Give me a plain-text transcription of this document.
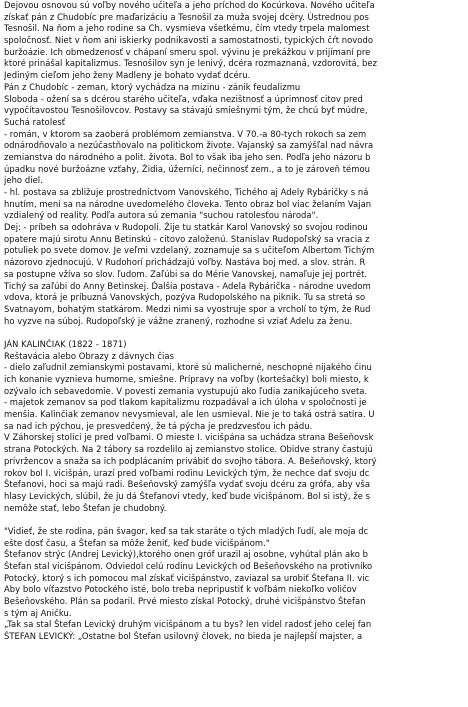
Dejovou osnovou sú voľby nového učiteľa a jeho príchod do Kocúrkova. Nového učiteľa
získať pán z Chudobíc pre maďarizáciu a Tesnošil za muža svojej dcéry. Ústrednou pos
Tesnošil. Na ňom a jeho rodine sa Ch. vysmieva všetkému, čím vtedy trpela malomest
spoločnosť. Niet v ňom ani iskierky podnikavosti a samostatnosti, typických čŕt novodo
buržoázie. Ich obmedzenosť v chápaní smeru spol. vývinu je prekážkou v prijímaní pre
ktoré prinášal kapitalizmus. Tesnošilov syn je lenivý, dcéra rozmaznaná, vzdorovitá, bez
Jediným cieľom jeho ženy Madleny je bohato vydať dcéru.
Pán z Chudobíc - zeman, ktorý vychádza na mizinu - zánik feudalizmu
Sloboda - ožení sa s dcérou starého učiteľa, vďaka nezištnosť a úprimnosť citov pred
vypočítavostou Tesnošilovcov. Postavy sa stávajú smiešnymi tým, že chcú byť múdre,
Suchá ratolesť
- román, v ktorom sa zaoberá problémom zemianstva. V 70.-a 80-tych rokoch sa zem
odnárodňovalo a nezúčastňovalo na politickom živote. Vajanský sa zamýšľal nad návra
zemianstva do národného a polit. života. Bol to však iba jeho sen. Podľa jeho názoru b
úpadku nové buržoázne vzťahy, Židia, úžerníci, nečinnosť zem., a to je zároveň témou
jeho diel.
- hl. postava sa zbližuje prostredníctvom Vanovského, Tichého aj Adely Rybáričky s ná
hnutím, mení sa na národne uvedomelého človeka. Tento obraz bol viac želaním Vajan
vzdialený od reality. Podľa autora sú zemania "suchou ratolesťou národa".
Dej: - príbeh sa odohráva v Rudopolí. Žije tu statkár Karol Vanovský so svojou rodinou
opatere majú sirotu Annu Betinskú - citovo založenú. Stanislav Rudopoľský sa vracia z
potuliek po svete domov. Je veľmi vzdelaný, zoznamuje sa s učiteľom Albertom Tichým
názorovo zjednocujú. V Rudohorí prichádzajú voľby. Nastáva boj med. a slov. strán. R
sa postupne vžíva so slov. ľudom. Zaľúbi sa do Mérie Vanovskej, namaľuje jej portrét.
Tichý sa zaľúbi do Anny Betinskej. Ďalšia postava - Adela Rybárička - národne uvedom
vdova, ktorá je príbuzná Vanovských, pozýva Rudopolského na piknik. Tu sa stretá so
Svatnayom, bohatým statkárom. Medzi nimi sa vyostruje spor a vrcholí to tým, že Rud
ho vyzve na súboj. Rudopoľský je vážne zranený, rozhodne si vziať Adelu za ženu.
JÁN KALINČIAK (1822 - 1871)
Reštaváciа alebo Obrazy z dávnych čias
- dielo zaľudnil zemianskymi postavami, ktoré sú malicherné, neschopné nijakého činu
ich konanie vyznieva humorne, smiešne. Prípravy na voľby (kortešačky) boli miesto, k
ozývalo ich sebavedomie. V povesti zemania vystupujú ako ľudia zanikajúceho sveta.
- majetok zemanov sa pod tlakom kapitalizmu rozpadával a ich úloha v spoločnosti je
menšia. Kalinčiak zemanov nevysmieval, ale len usmieval. Nie je to taká ostrá satira. U
sa nad ich pýchou, je presvedčený, že tá pýcha je predzvesťou ich pádu.
V Záhorskej stolici je pred voľbami. O mieste I. vicišpána sa uchádza strana Bešeňovsk
strana Potockých. Na 2 tábory sa rozdelilo aj zemianstvo stolice. Obidve strany častujú
prívržencov a snaža sa ich podplácaním privábiť do svojho tábora. A. Bešeňovský, ktorý
rokov bol I. vicišpán, urazí pred voľbami rodinu Levických tým, že nechce dať svoju dc
Štefanovi, hoci sa majú radi. Bešeňovský zamýšľa vydať svoju dcéru za grófa, aby vša
hlasy Levických, slúbil, že ju dá Štefanovi vtedy, keď bude vicišpánom. Bol si istý, že s
nemôže stať, lebo Štefan je chudobný.
"Vidieť, že ste rodina, pán švagor, keď sa tak staráte o tých mladých ľudí, ale moja dc
ešte dosť času, a Štefan sa môže ženiť, keď bude vicišpánom."
Štefanov strýc (Andrej Levický),ktorého onen gróf urazil aj osobne, vyhútal plán ako b
Štefan stal vicišpánom. Odviedol celú rodinu Levických od Bešeňovského na protivníko
Potocký, ktorý s ich pomocou mal získať vicišpánstvo, zaviazal sa urobiť Štefana II. vic
Aby bolo víťazstvo Potockého isté, bolo treba nepripustiť k voľbám niekoľko voličov
Bešeňovského. Plán sa podaril. Prvé miesto získal Potocký, druhé vicišpánstvo Štefan
s tým aj Aničku.
„Tak sa stal Štefan Levický druhým vicišpánom a tu bys? len videl radosť jeho celej fan
ŠTEFAN LEVICKÝ: „Ostatne bol Štefan usilovný človek, no bieda je najlepší majster, a
